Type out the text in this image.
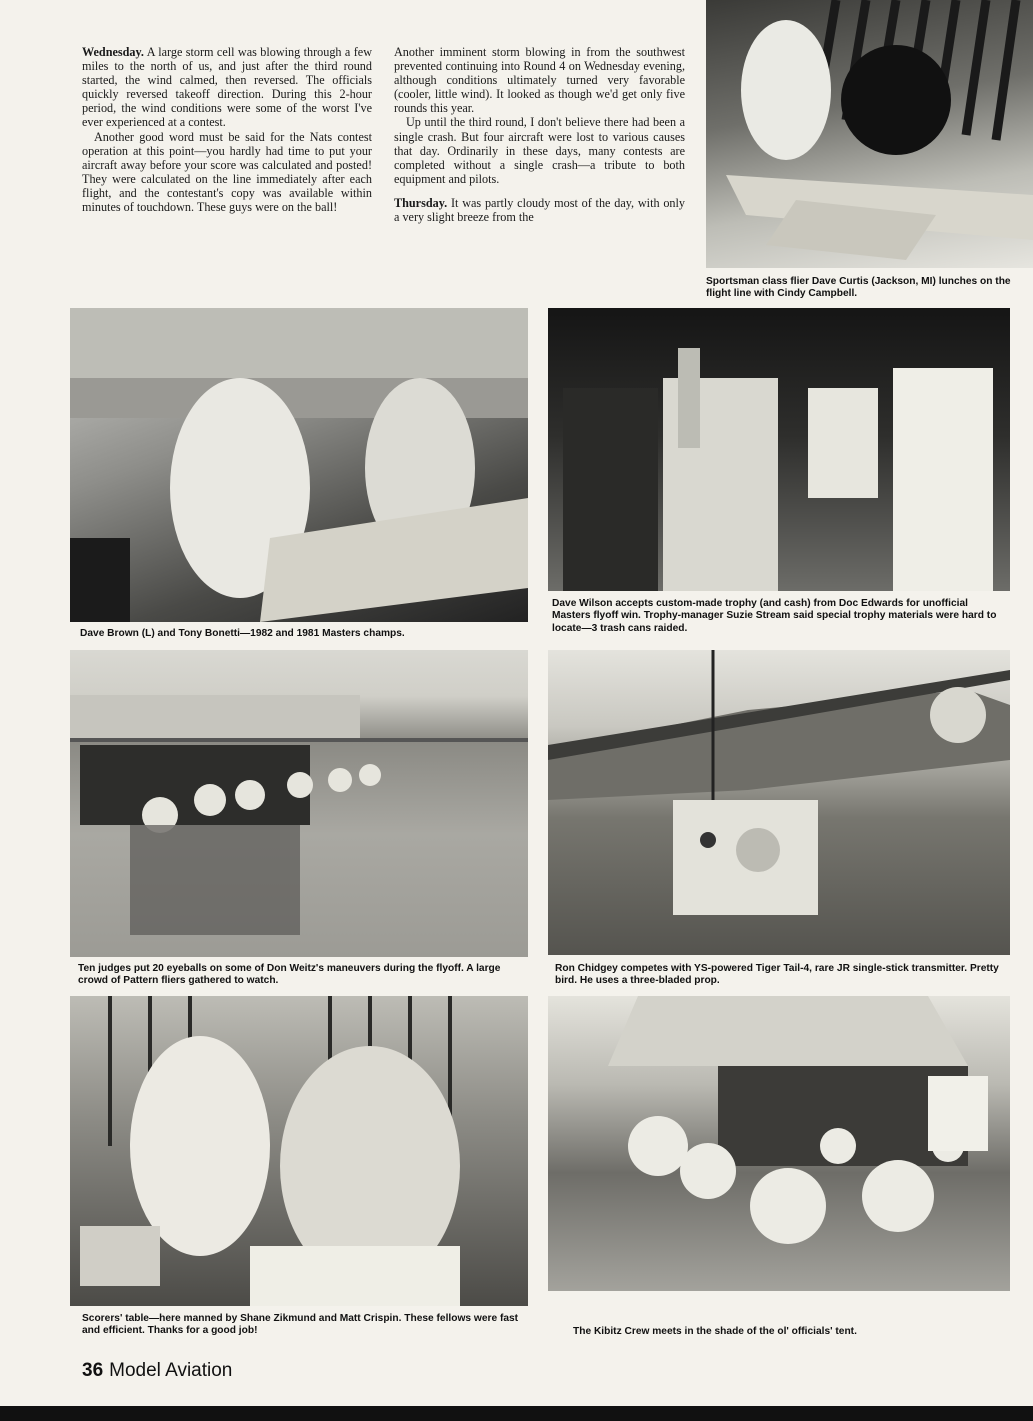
Wednesday. A large storm cell was blowing through a few miles to the north of us, and just after the third round started, the wind calmed, then reversed. The officials quickly reversed takeoff direction. During this 2-hour period, the wind conditions were some of the worst I've ever experienced at a contest.

Another good word must be said for the Nats contest operation at this point—you hardly had time to put your aircraft away before your score was calculated and posted! They were calculated on the line immediately after each flight, and the contestant's copy was available within minutes of touchdown. These guys were on the ball!

Another imminent storm blowing in from the southwest prevented continuing into Round 4 on Wednesday evening, although conditions ultimately turned very favorable (cooler, little wind). It looked as though we'd get only five rounds this year.

Up until the third round, I don't believe there had been a single crash. But four aircraft were lost to various causes that day. Ordinarily in these days, many contests are completed without a single crash—a tribute to both equipment and pilots.

Thursday. It was partly cloudy most of the day, with only a very slight breeze from the

Sportsman class flier Dave Curtis (Jackson, MI) lunches on the flight line with Cindy Campbell.
Dave Brown (L) and Tony Bonetti—1982 and 1981 Masters champs.
Dave Wilson accepts custom-made trophy (and cash) from Doc Edwards for unofficial Masters flyoff win. Trophy-manager Suzie Stream said special trophy materials were hard to locate—3 trash cans raided.
Ten judges put 20 eyeballs on some of Don Weitz's maneuvers during the flyoff. A large crowd of Pattern fliers gathered to watch.
Ron Chidgey competes with YS-powered Tiger Tail-4, rare JR single-stick transmitter. Pretty bird. He uses a three-bladed prop.
Scorers' table—here manned by Shane Zikmund and Matt Crispin. These fellows were fast and efficient. Thanks for a good job!	The Kibitz Crew meets in the shade of the ol' officials' tent.
36 Model Aviation
